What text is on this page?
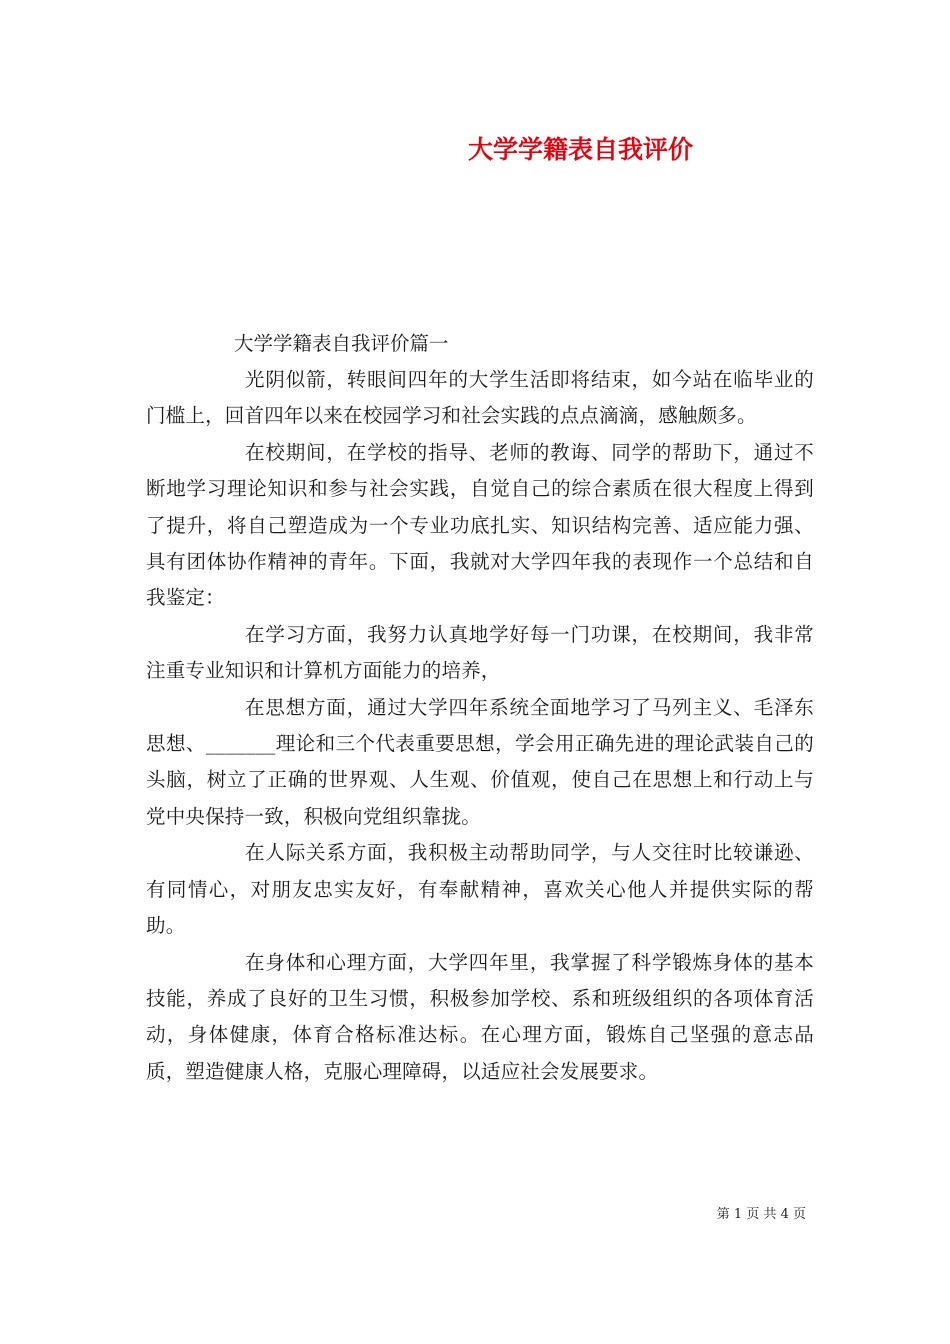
大学学籍表自我评价

大学学籍表自我评价篇一

光阴似箭，转眼间四年的大学生活即将结束，如今站在临毕业的门槛上，回首四年以来在校园学习和社会实践的点点滴滴，感触颇多。

在校期间，在学校的指导、老师的教诲、同学的帮助下，通过不断地学习理论知识和参与社会实践，自觉自己的综合素质在很大程度上得到了提升，将自己塑造成为一个专业功底扎实、知识结构完善、适应能力强、具有团体协作精神的青年。下面，我就对大学四年我的表现作一个总结和自我鉴定：

在学习方面，我努力认真地学好每一门功课，在校期间，我非常注重专业知识和计算机方面能力的培养，

在思想方面，通过大学四年系统全面地学习了马列主义、毛泽东思想、_______理论和三个代表重要思想，学会用正确先进的理论武装自己的头脑，树立了正确的世界观、人生观、价值观，使自己在思想上和行动上与党中央保持一致，积极向党组织靠拢。

在人际关系方面，我积极主动帮助同学，与人交往时比较谦逊、有同情心，对朋友忠实友好，有奉献精神，喜欢关心他人并提供实际的帮助。

在身体和心理方面，大学四年里，我掌握了科学锻炼身体的基本技能，养成了良好的卫生习惯，积极参加学校、系和班级组织的各项体育活动，身体健康，体育合格标准达标。在心理方面，锻炼自己坚强的意志品质，塑造健康人格，克服心理障碍，以适应社会发展要求。

第 1 页 共 4 页
